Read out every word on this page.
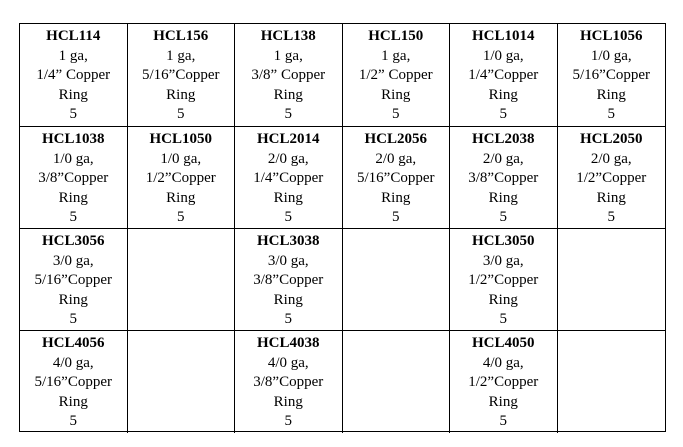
HCL114
1 ga,
1/4” Copper
Ring
5
HCL156
1 ga,
5/16”Copper
Ring
5
HCL138
1 ga,
3/8” Copper
Ring
5
HCL150
1 ga,
1/2” Copper
Ring
5
HCL1014
1/0 ga,
1/4”Copper
Ring
5
HCL1056
1/0 ga,
5/16”Copper
Ring
5
HCL1038
1/0 ga,
3/8”Copper
Ring
5
HCL1050
1/0 ga,
1/2”Copper
Ring
5
HCL2014
2/0 ga,
1/4”Copper
Ring
5
HCL2056
2/0 ga,
5/16”Copper
Ring
5
HCL2038
2/0 ga,
3/8”Copper
Ring
5
HCL2050
2/0 ga,
1/2”Copper
Ring
5
HCL3056
3/0 ga,
5/16”Copper
Ring
5
HCL3038
3/0 ga,
3/8”Copper
Ring
5
HCL3050
3/0 ga,
1/2”Copper
Ring
5
HCL4056
4/0 ga,
5/16”Copper
Ring
5
HCL4038
4/0 ga,
3/8”Copper
Ring
5
HCL4050
4/0 ga,
1/2”Copper
Ring
5
